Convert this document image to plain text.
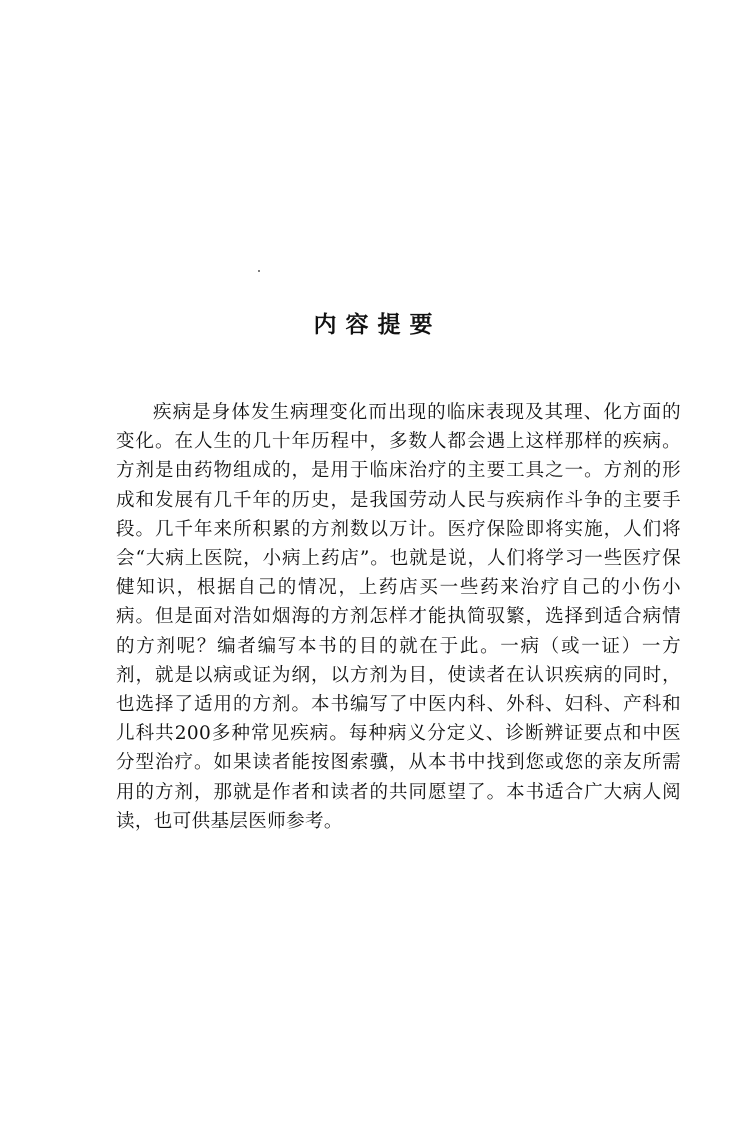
内容提要

疾病是身体发生病理变化而出现的临床表现及其理、化方面的变化。在人生的几十年历程中，多数人都会遇上这样那样的疾病。方剂是由药物组成的，是用于临床治疗的主要工具之一。方剂的形成和发展有几千年的历史，是我国劳动人民与疾病作斗争的主要手段。几千年来所积累的方剂数以万计。医疗保险即将实施，人们将会“大病上医院，小病上药店”。也就是说，人们将学习一些医疗保健知识，根据自己的情况，上药店买一些药来治疗自己的小伤小病。但是面对浩如烟海的方剂怎样才能执简驭繁，选择到适合病情的方剂呢？编者编写本书的目的就在于此。一病（或一证）一方剂，就是以病或证为纲，以方剂为目，使读者在认识疾病的同时，也选择了适用的方剂。本书编写了中医内科、外科、妇科、产科和儿科共200多种常见疾病。每种病义分定义、诊断辨证要点和中医分型治疗。如果读者能按图索骥，从本书中找到您或您的亲友所需用的方剂，那就是作者和读者的共同愿望了。本书适合广大病人阅读，也可供基层医师参考。
